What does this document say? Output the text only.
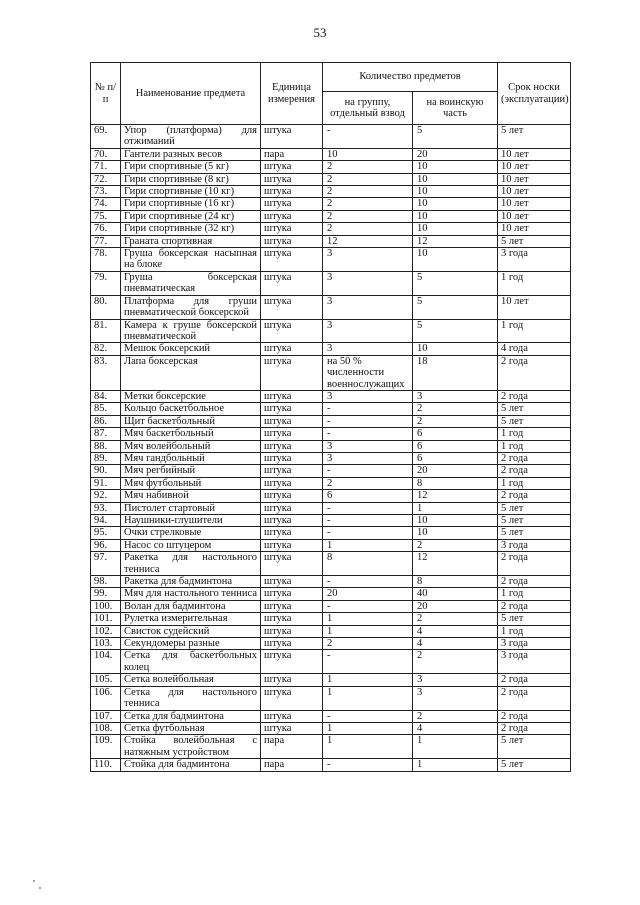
53
№ п/п	Наименование предмета	Единица измерения	Количество предметов		Срок носки (эксплуатации)
			на группу, отдельный взвод	на воинскую часть	
69.	Упор (платформа) для отжиманий	штука	-	5	5 лет
70.	Гантели разных весов	пара	10	20	10 лет
71.	Гири спортивные (5 кг)	штука	2	10	10 лет
72.	Гири спортивные (8 кг)	штука	2	10	10 лет
73.	Гири спортивные (10 кг)	штука	2	10	10 лет
74.	Гири спортивные (16 кг)	штука	2	10	10 лет
75.	Гири спортивные (24 кг)	штука	2	10	10 лет
76.	Гири спортивные (32 кг)	штука	2	10	10 лет
77.	Граната спортивная	штука	12	12	5 лет
78.	Груша боксерская насыпная на блоке	штука	3	10	3 года
79.	Груша боксерская пневматическая	штука	3	5	1 год
80.	Платформа для груши пневматической боксерской	штука	3	5	10 лет
81.	Камера к груше боксерской пневматической	штука	3	5	1 год
82.	Мешок боксерский	штука	3	10	4 года
83.	Лапа боксерская	штука	на 50 % численности военнослужащих	18	2 года
84.	Метки боксерские	штука	3	3	2 года
85.	Кольцо баскетбольное	штука	-	2	5 лет
86.	Щит баскетбольный	штука	-	2	5 лет
87.	Мяч баскетбольный	штука	-	6	1 год
88.	Мяч волейбольный	штука	3	6	1 год
89.	Мяч гандбольный	штука	3	6	2 года
90.	Мяч регбийный	штука	-	20	2 года
91.	Мяч футбольный	штука	2	8	1 год
92.	Мяч набивной	штука	6	12	2 года
93.	Пистолет стартовый	штука	-	1	5 лет
94.	Наушники-глушители	штука	-	10	5 лет
95.	Очки стрелковые	штука	-	10	5 лет
96.	Насос со штуцером	штука	1	2	3 года
97.	Ракетка для настольного тенниса	штука	8	12	2 года
98.	Ракетка для бадминтона	штука	-	8	2 года
99.	Мяч для настольного тенниса	штука	20	40	1 год
100.	Волан для бадминтона	штука	-	20	2 года
101.	Рулетка измерительная	штука	1	2	5 лет
102.	Свисток судейский	штука	1	4	1 год
103.	Секундомеры разные	штука	2	4	3 года
104.	Сетка для баскетбольных колец	штука	-	2	3 года
105.	Сетка волейбольная	штука	1	3	2 года
106.	Сетка для настольного тенниса	штука	1	3	2 года
107.	Сетка для бадминтона	штука	-	2	2 года
108.	Сетка футбольная	штука	1	4	2 года
109.	Стойка волейбольная с натяжным устройством	пара	1	1	5 лет
110.	Стойка для бадминтона	пара	-	1	5 лет
